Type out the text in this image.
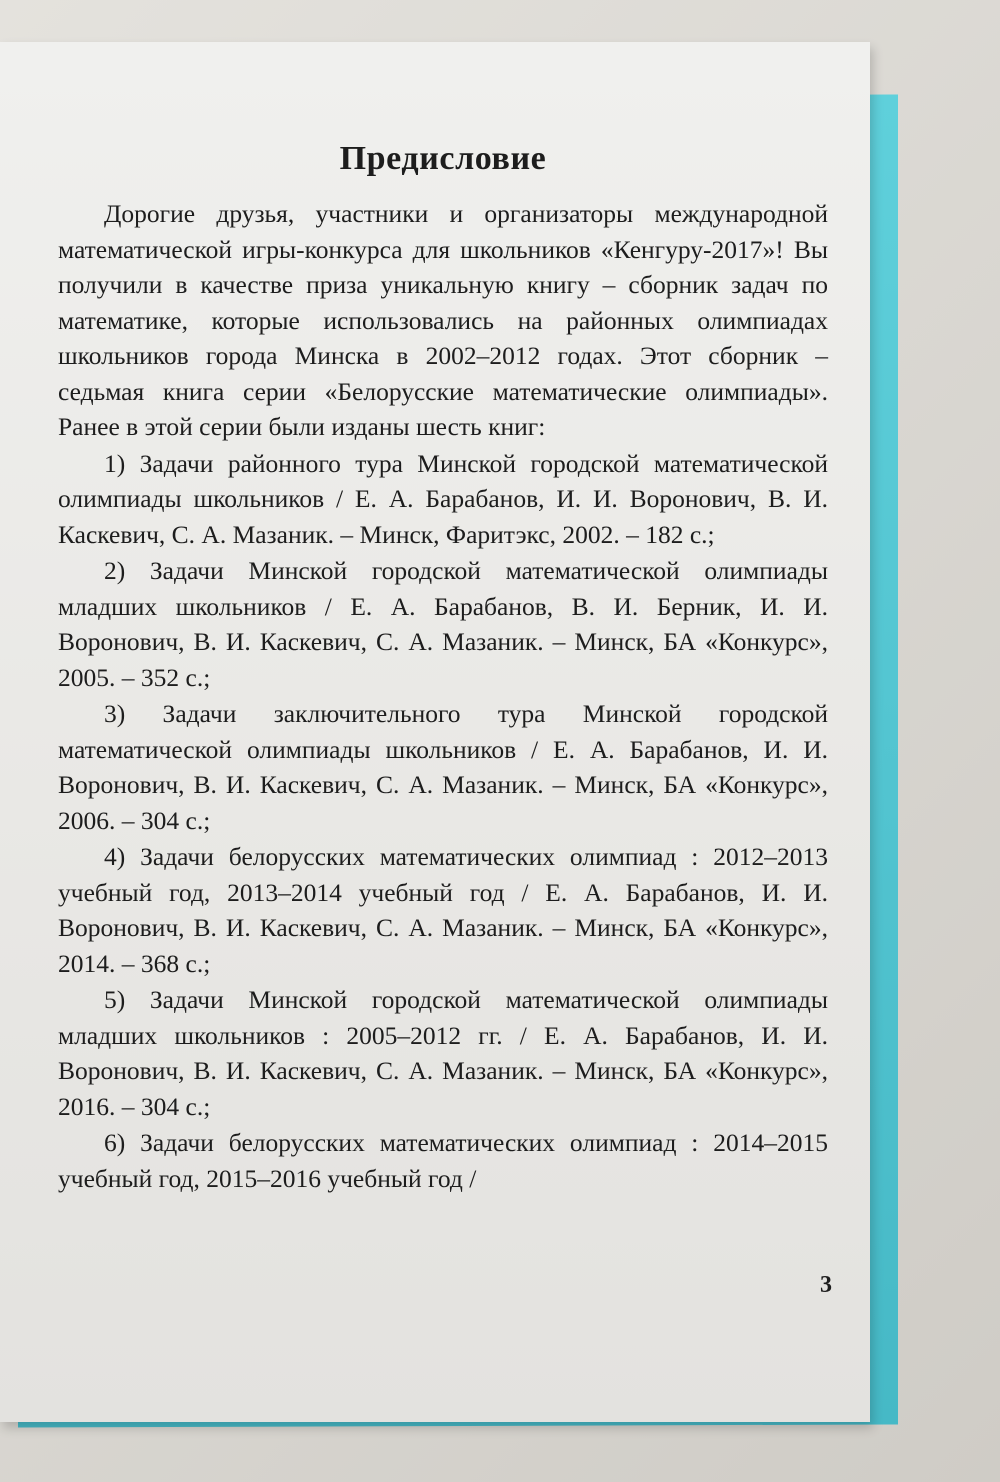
Предисловие

Дорогие друзья, участники и организаторы международной математической игры-конкурса для школьников «Кенгуру-2017»! Вы получили в качестве приза уникальную книгу – сборник задач по математике, которые использовались на районных олимпиадах школьников города Минска в 2002–2012 годах. Этот сборник – седьмая книга серии «Белорусские математические олимпиады». Ранее в этой серии были изданы шесть книг:

1) Задачи районного тура Минской городской математической олимпиады школьников / Е. А. Барабанов, И. И. Воронович, В. И. Каскевич, С. А. Мазаник. – Минск, Фаритэкс, 2002. – 182 с.;

2) Задачи Минской городской математической олимпиады младших школьников / Е. А. Барабанов, В. И. Берник, И. И. Воронович, В. И. Каскевич, С. А. Мазаник. – Минск, БА «Конкурс», 2005. – 352 с.;

3) Задачи заключительного тура Минской городской математической олимпиады школьников / Е. А. Барабанов, И. И. Воронович, В. И. Каскевич, С. А. Мазаник. – Минск, БА «Конкурс», 2006. – 304 с.;

4) Задачи белорусских математических олимпиад : 2012–2013 учебный год, 2013–2014 учебный год / Е. А. Барабанов, И. И. Воронович, В. И. Каскевич, С. А. Мазаник. – Минск, БА «Конкурс», 2014. – 368 с.;

5) Задачи Минской городской математической олимпиады младших школьников : 2005–2012 гг. / Е. А. Барабанов, И. И. Воронович, В. И. Каскевич, С. А. Мазаник. – Минск, БА «Конкурс», 2016. – 304 с.;

6) Задачи белорусских математических олимпиад : 2014–2015 учебный год, 2015–2016 учебный год /

3
